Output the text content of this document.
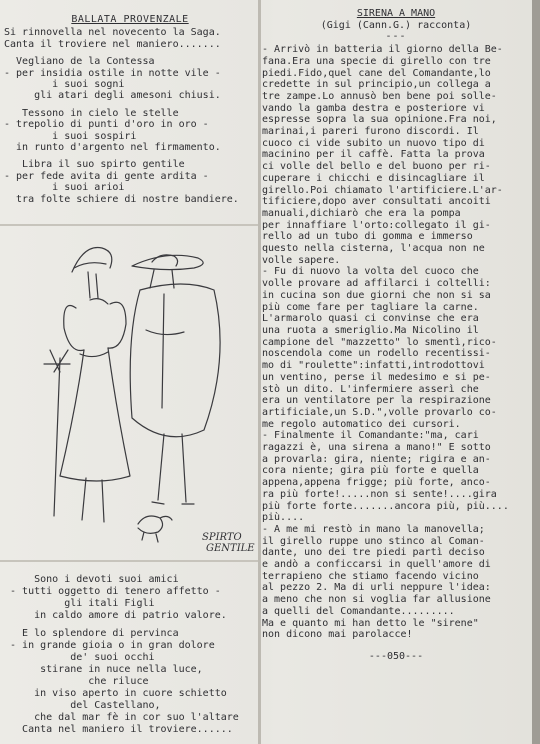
BALLATA PROVENZALE
Si rinnovella nel novecento la Saga.
Canta il troviere nel maniero.......
Vegliano de la Contessa
- per insidia ostile in notte vile -
i suoi sogni
gli atari degli amesoni chiusi.
Tessono in cielo le stelle
- trepolio di punti d'oro in oro -
i suoi sospiri
in runto d'argento nel firmamento.
Libra il suo spirto gentile
- per fede avita di gente ardita -
i suoi arioi
tra folte schiere di nostre bandiere.
SPIRTO
GENTILE
Sono i devoti suoi amici
- tutti oggetto di tenero affetto -
gli itali Figli
in caldo amore di patrio valore.
E lo splendore di pervinca
- in grande gioia o in gran dolore
de' suoi occhi
stirane in nuce nella luce,
che riluce
in viso aperto in cuore schietto
del Castellano,
che dal mar fè in cor suo l'altare
Canta nel maniero il troviere......
SIRENA A MANO
(Gigi (Cann.G.) racconta)
---
- Arrivò in batteria il giorno della Be-
fana.Era una specie di girello con tre
piedi.Fido,quel cane del Comandante,lo
credette in sul principio,un collega a
tre zampe.Lo annusò ben bene poi solle-
vando la gamba destra e posteriore vi
espresse sopra la sua opinione.Fra noi,
marinai,i pareri furono discordi. Il
cuoco ci vide subito un nuovo tipo di
macinino per il caffè. Fatta la prova
ci volle del bello e del buono per ri-
cuperare i chicchi e disincagliare il
girello.Poi chiamato l'artificiere.L'ar-
tificiere,dopo aver consultati ancoiti
manuali,dichiarò che era la pompa
per innaffiare l'orto:collegato il gi-
rello ad un tubo di gomma e immerso
questo nella cisterna, l'acqua non ne
volle sapere.
- Fu di nuovo la volta del cuoco che
volle provare ad affilarci i coltelli:
in cucina son due giorni che non si sa
più come fare per tagliare la carne.
L'armarolo quasi ci convinse che era
una ruota a smeriglio.Ma Nicolino il
campione del "mazzetto" lo smentì,rico-
noscendola come un rodello recentissi-
mo di "roulette":infatti,introdottovi
un ventino, perse il medesimo e si pe-
stò un dito. L'infermiere asserì che
era un ventilatore per la respirazione
artificiale,un S.D.",volle provarlo co-
me regolo automatico dei cursori.
- Finalmente il Comandante:"ma, cari
ragazzi è, una sirena a mano!" E sotto
a provarla: gira, niente; rigira e an-
cora niente; gira più forte e quella
appena,appena frigge; più forte, anco-
ra più forte!.....non si sente!....gira
più forte forte.......ancora più, più....
più....
- A me mi restò in mano la manovella;
il girello ruppe uno stinco al Coman-
dante, uno dei tre piedi partì deciso
e andò a conficcarsi in quell'amore di
terrapieno che stiamo facendo vicino
al pezzo 2. Ma di urli neppure l'idea:
a meno che non si voglia far allusione
a quelli del Comandante.........
Ma e quanto mi han detto le "sirene"
non dicono mai parolacce!
---050---
